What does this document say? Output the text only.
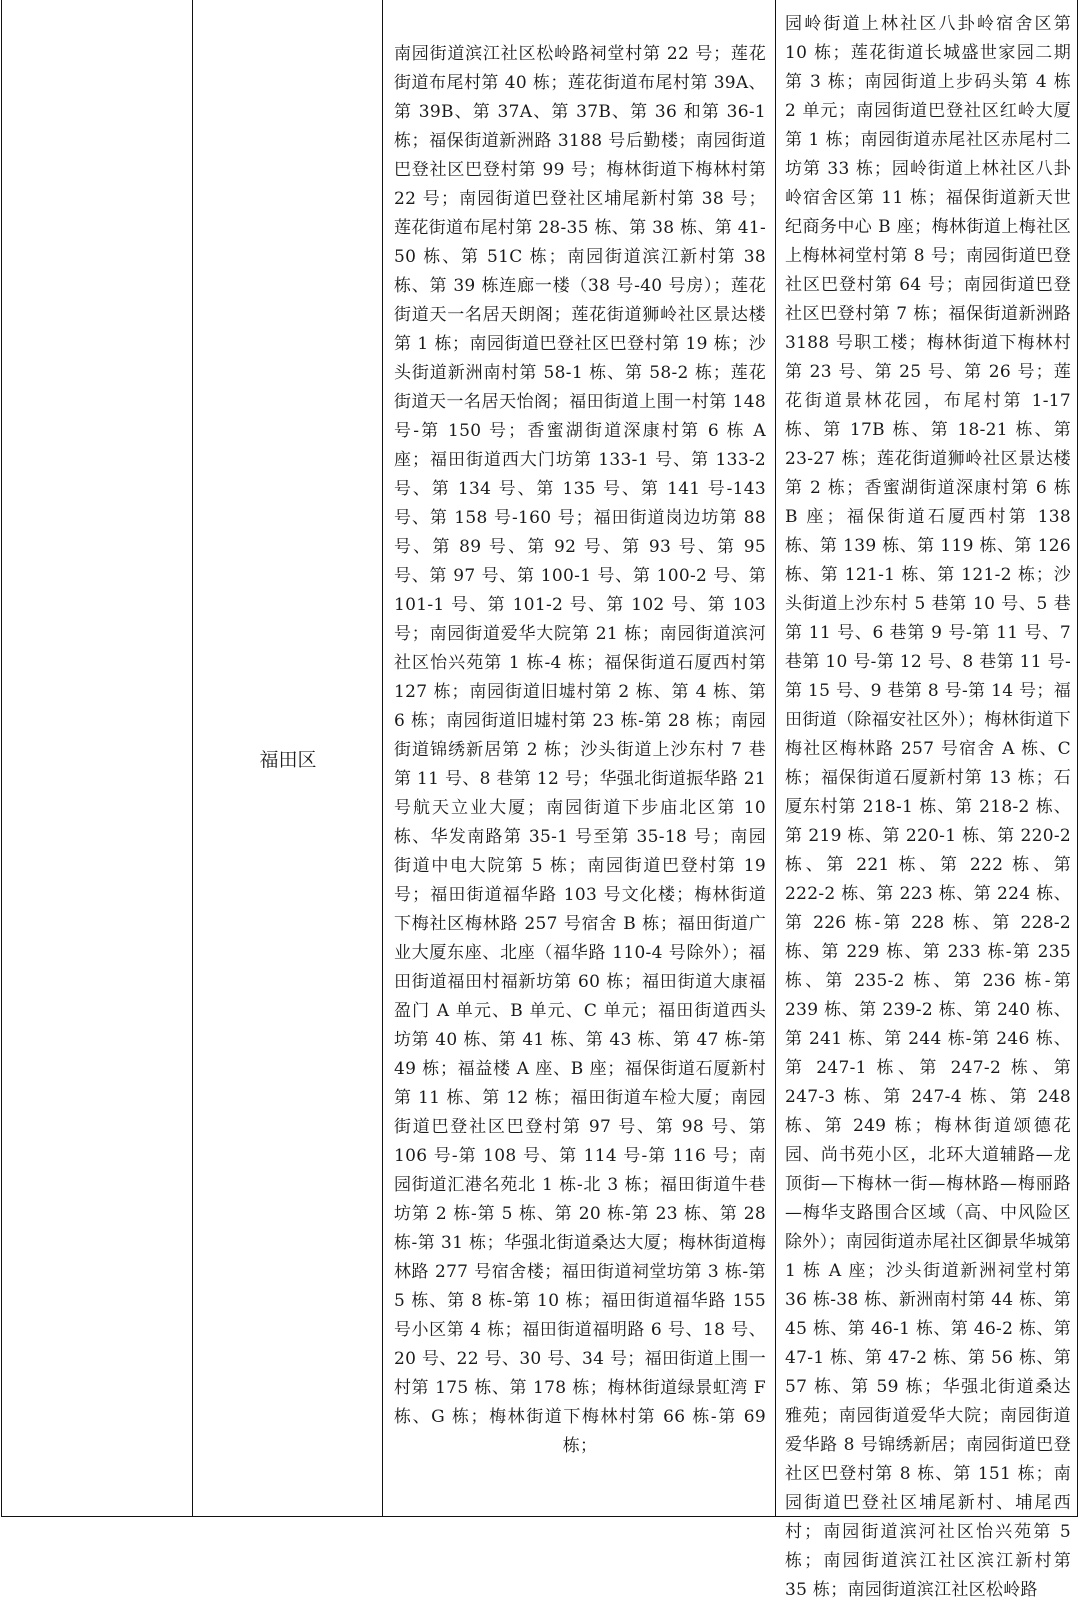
福田区
南园街道滨江社区松岭路祠堂村第 22 号；莲花街道布尾村第 40 栋；莲花街道布尾村第 39A、第 39B、第 37A、第 37B、第 36 和第 36-1 栋；福保街道新洲路 3188 号后勤楼；南园街道巴登社区巴登村第 99 号；梅林街道下梅林村第 22 号；南园街道巴登社区埔尾新村第 38 号；莲花街道布尾村第 28-35 栋、第 38 栋、第 41-50 栋、第 51C 栋；南园街道滨江新村第 38 栋、第 39 栋连廊一楼（38 号-40 号房）；莲花街道天一名居天朗阁；莲花街道狮岭社区景达楼第 1 栋；南园街道巴登社区巴登村第 19 栋；沙头街道新洲南村第 58-1 栋、第 58-2 栋；莲花街道天一名居天怡阁；福田街道上围一村第 148 号-第 150 号；香蜜湖街道深康村第 6 栋 A 座；福田街道西大门坊第 133-1 号、第 133-2 号、第 134 号、第 135 号、第 141 号-143 号、第 158 号-160 号；福田街道岗边坊第 88 号、第 89 号、第 92 号、第 93 号、第 95 号、第 97 号、第 100-1 号、第 100-2 号、第 101-1 号、第 101-2 号、第 102 号、第 103 号；南园街道爱华大院第 21 栋；南园街道滨河社区怡兴苑第 1 栋-4 栋；福保街道石厦西村第 127 栋；南园街道旧墟村第 2 栋、第 4 栋、第 6 栋；南园街道旧墟村第 23 栋-第 28 栋；南园街道锦绣新居第 2 栋；沙头街道上沙东村 7 巷第 11 号、8 巷第 12 号；华强北街道振华路 21 号航天立业大厦；南园街道下步庙北区第 10 栋、华发南路第 35-1 号至第 35-18 号；南园街道中电大院第 5 栋；南园街道巴登村第 19 号；福田街道福华路 103 号文化楼；梅林街道下梅社区梅林路 257 号宿舍 B 栋；福田街道广业大厦东座、北座（福华路 110-4 号除外）；福田街道福田村福新坊第 60 栋；福田街道大康福盈门 A 单元、B 单元、C 单元；福田街道西头坊第 40 栋、第 41 栋、第 43 栋、第 47 栋-第 49 栋；福益楼 A 座、B 座；福保街道石厦新村第 11 栋、第 12 栋；福田街道车检大厦；南园街道巴登社区巴登村第 97 号、第 98 号、第 106 号-第 108 号、第 114 号-第 116 号；南园街道汇港名苑北 1 栋-北 3 栋；福田街道牛巷坊第 2 栋-第 5 栋、第 20 栋-第 23 栋、第 28 栋-第 31 栋；华强北街道桑达大厦；梅林街道梅林路 277 号宿舍楼；福田街道祠堂坊第 3 栋-第 5 栋、第 8 栋-第 10 栋；福田街道福华路 155 号小区第 4 栋；福田街道福明路 6 号、18 号、20 号、22 号、30 号、34 号；福田街道上围一村第 175 栋、第 178 栋；梅林街道绿景虹湾 F 栋、G 栋；梅林街道下梅林村第 66 栋-第 69 栋；
园岭街道上林社区八卦岭宿舍区第 10 栋；莲花街道长城盛世家园二期第 3 栋；南园街道上步码头第 4 栋 2 单元；南园街道巴登社区红岭大厦第 1 栋；南园街道赤尾社区赤尾村二坊第 33 栋；园岭街道上林社区八卦岭宿舍区第 11 栋；福保街道新天世纪商务中心 B 座；梅林街道上梅社区上梅林祠堂村第 8 号；南园街道巴登社区巴登村第 64 号；南园街道巴登社区巴登村第 7 栋；福保街道新洲路 3188 号职工楼；梅林街道下梅林村第 23 号、第 25 号、第 26 号；莲花街道景林花园，布尾村第 1-17 栋、第 17B 栋、第 18-21 栋、第 23-27 栋；莲花街道狮岭社区景达楼第 2 栋；香蜜湖街道深康村第 6 栋 B 座；福保街道石厦西村第 138 栋、第 139 栋、第 119 栋、第 126 栋、第 121-1 栋、第 121-2 栋；沙头街道上沙东村 5 巷第 10 号、5 巷第 11 号、6 巷第 9 号-第 11 号、7 巷第 10 号-第 12 号、8 巷第 11 号-第 15 号、9 巷第 8 号-第 14 号；福田街道（除福安社区外）；梅林街道下梅社区梅林路 257 号宿舍 A 栋、C 栋；福保街道石厦新村第 13 栋；石厦东村第 218-1 栋、第 218-2 栋、第 219 栋、第 220-1 栋、第 220-2 栋、第 221 栋、第 222 栋、第 222-2 栋、第 223 栋、第 224 栋、第 226 栋-第 228 栋、第 228-2 栋、第 229 栋、第 233 栋-第 235 栋、第 235-2 栋、第 236 栋-第 239 栋、第 239-2 栋、第 240 栋、第 241 栋、第 244 栋-第 246 栋、第 247-1 栋、第 247-2 栋、第 247-3 栋、第 247-4 栋、第 248 栋、第 249 栋；梅林街道颂德花园、尚书苑小区，北环大道辅路—龙顶街—下梅林一街—梅林路—梅丽路—梅华支路围合区域（高、中风险区除外）；南园街道赤尾社区御景华城第 1 栋 A 座；沙头街道新洲祠堂村第 36 栋-38 栋、新洲南村第 44 栋、第 45 栋、第 46-1 栋、第 46-2 栋、第 47-1 栋、第 47-2 栋、第 56 栋、第 57 栋、第 59 栋；华强北街道桑达雅苑；南园街道爱华大院；南园街道爱华路 8 号锦绣新居；南园街道巴登社区巴登村第 8 栋、第 151 栋；南园街道巴登社区埔尾新村、埔尾西村；南园街道滨河社区怡兴苑第 5 栋；南园街道滨江社区滨江新村第 35 栋；南园街道滨江社区松岭路
